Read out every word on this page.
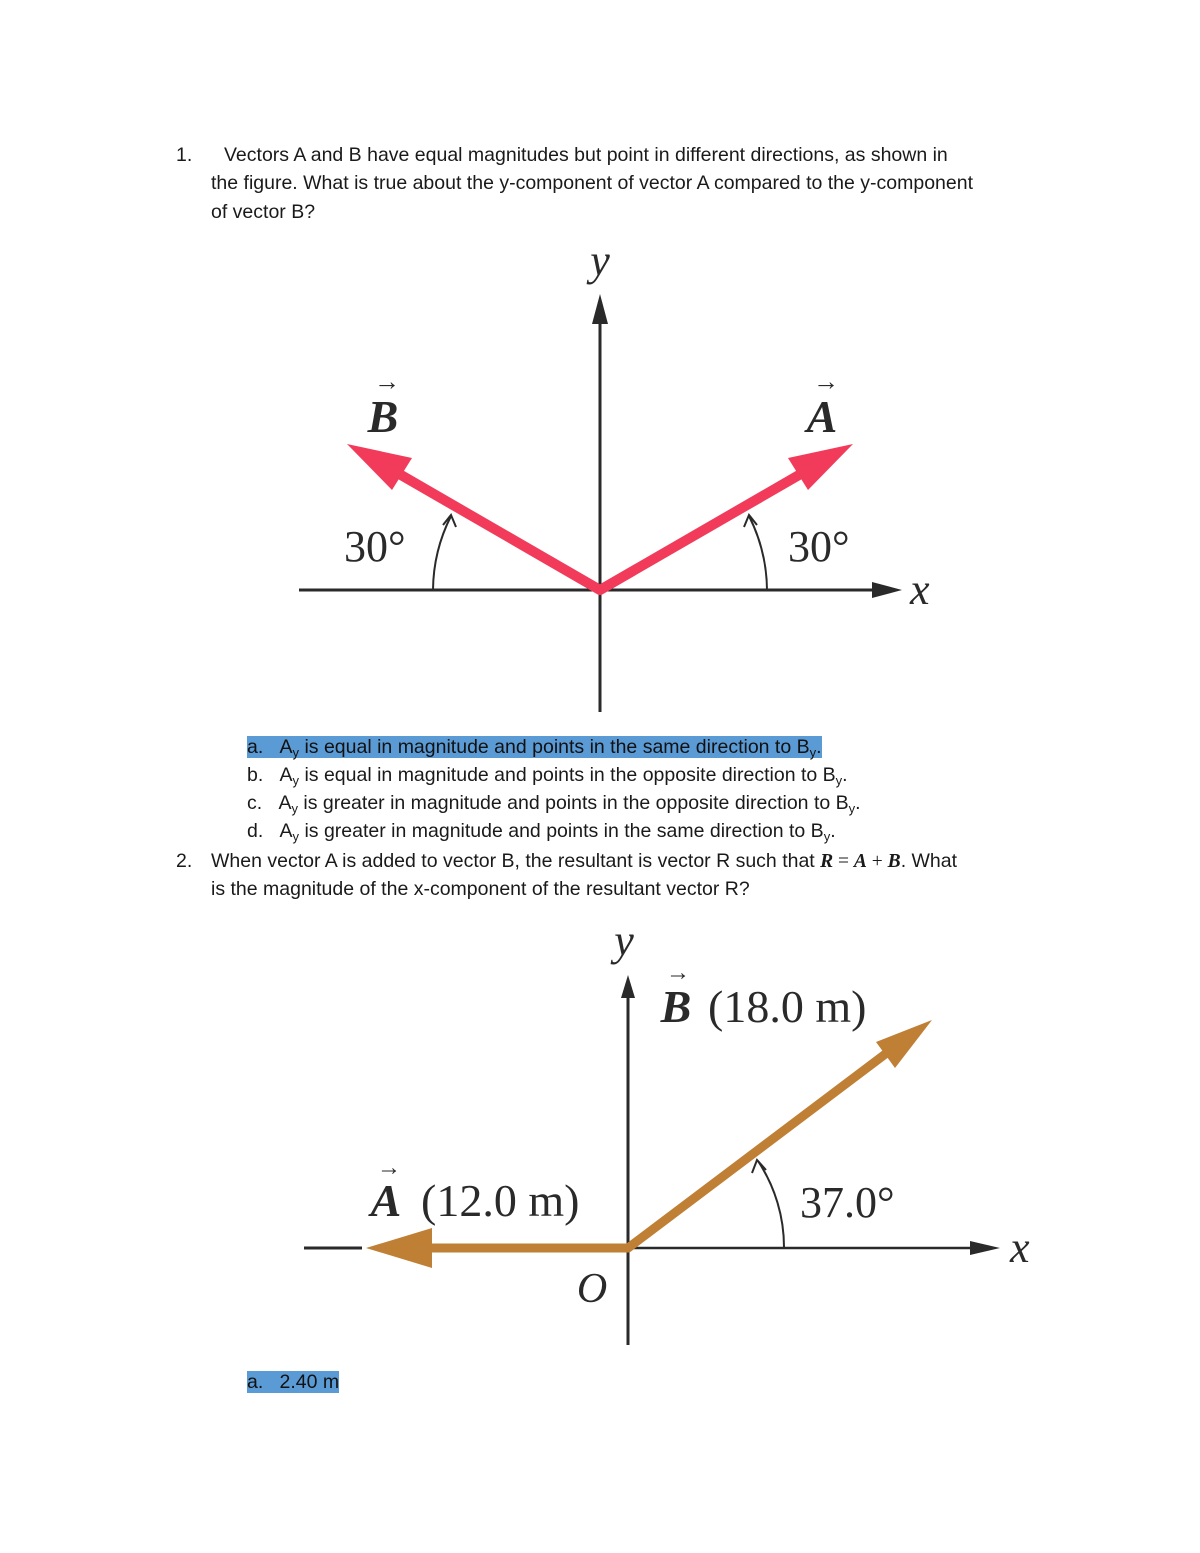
1. Vectors A and B have equal magnitudes but point in different directions, as shown in
the figure. What is true about the y-component of vector A compared to the y-component
of vector B?
y
x
→
B
→
A
30°	30°
a. $A_y$ is equal in magnitude and points in the same direction to $B_y$.
b. $A_y$ is equal in magnitude and points in the opposite direction to $B_y$.
c. $A_y$ is greater in magnitude and points in the opposite direction to $B_y$.
d. $A_y$ is greater in magnitude and points in the same direction to $B_y$.
2. When vector A is added to vector B, the resultant is vector R such that R = A + B. What
is the magnitude of the x-component of the resultant vector R?
y
x
O
→
B (18.0 m)
→
A (12.0 m)	37.0°
a. 2.40 m
